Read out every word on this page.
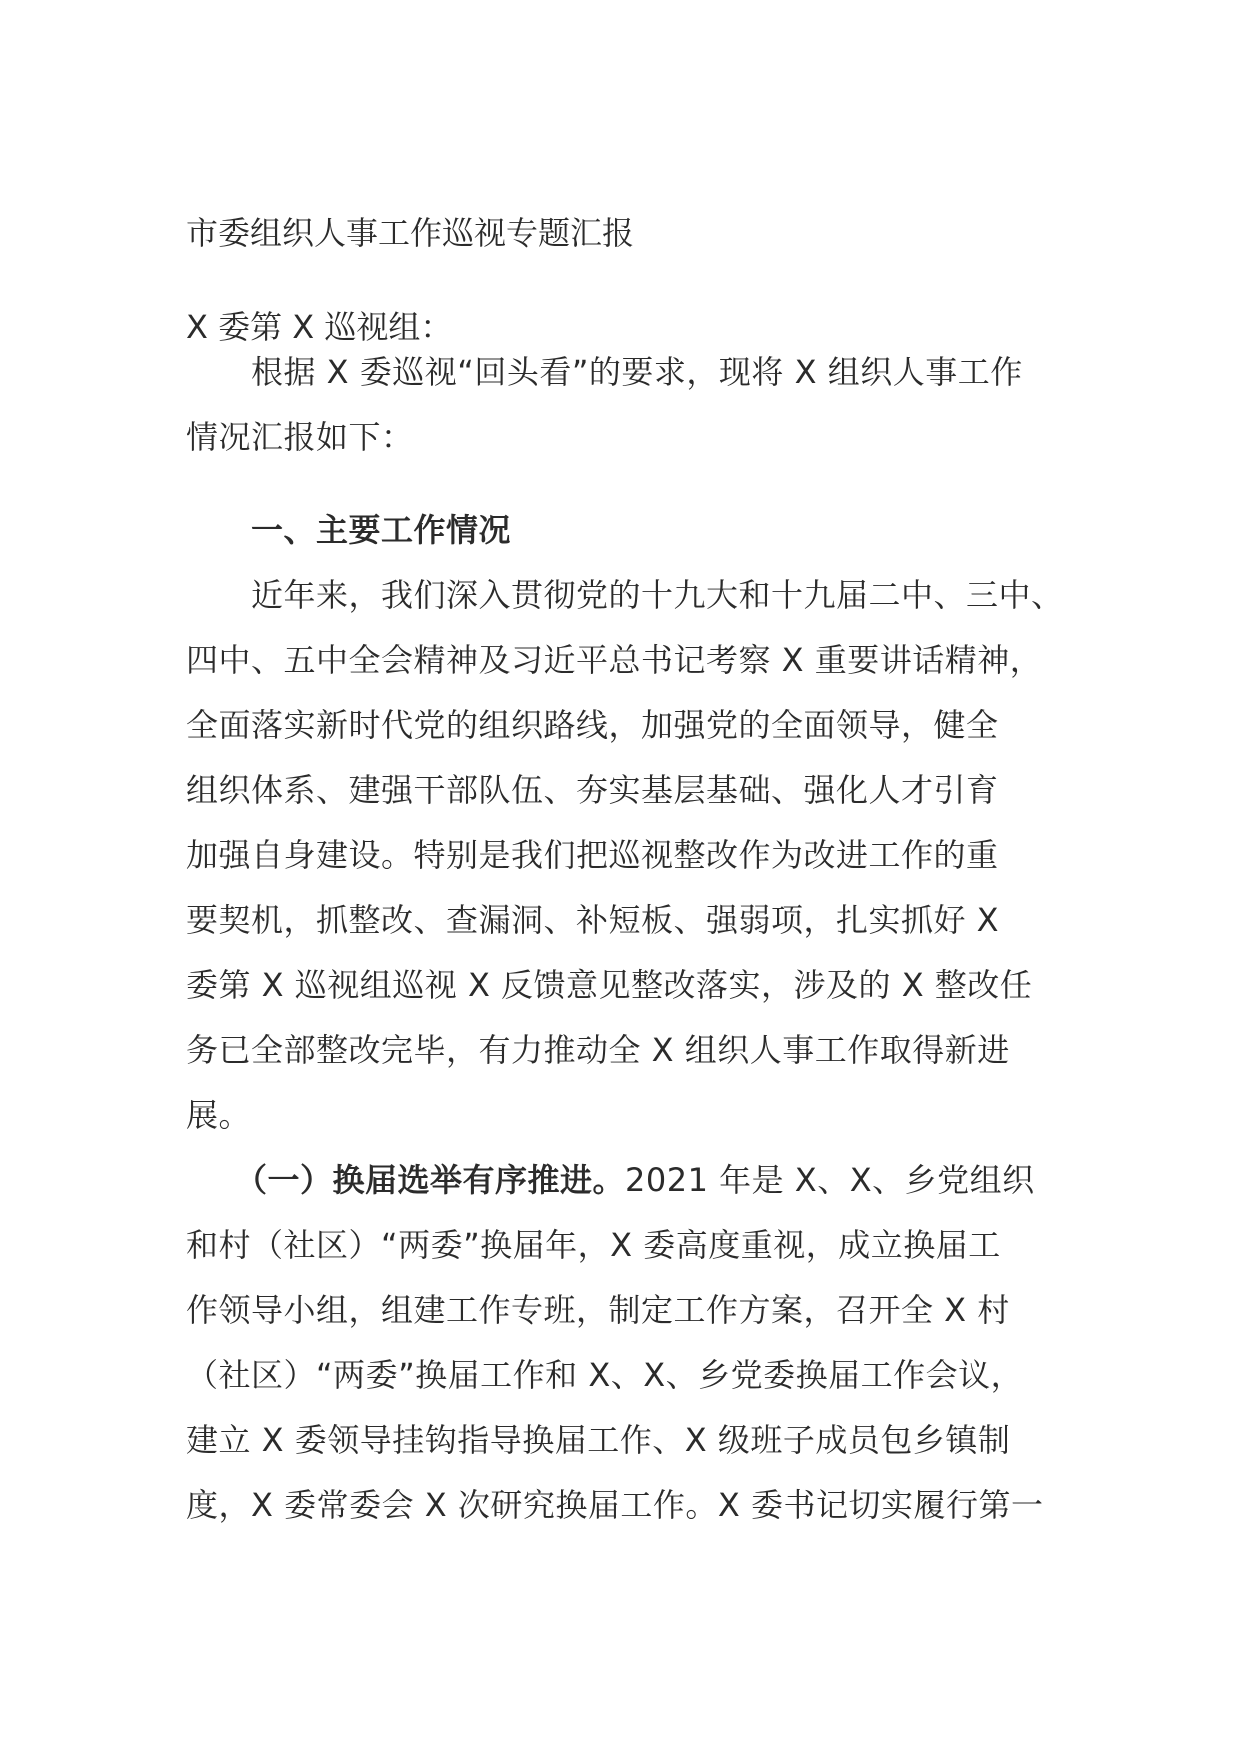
市委组织人事工作巡视专题汇报
X 委第 X 巡视组：
　　根据 X 委巡视“回头看”的要求，现将 X 组织人事工作
情况汇报如下：
　　一、主要工作情况
　　近年来，我们深入贯彻党的十九大和十九届二中、三中、
四中、五中全会精神及习近平总书记考察 X 重要讲话精神，
全面落实新时代党的组织路线，加强党的全面领导，健全
组织体系、建强干部队伍、夯实基层基础、强化人才引育
加强自身建设。特别是我们把巡视整改作为改进工作的重
要契机，抓整改、查漏洞、补短板、强弱项，扎实抓好 X
委第 X 巡视组巡视 X 反馈意见整改落实，涉及的 X 整改任
务已全部整改完毕，有力推动全 X 组织人事工作取得新进
展。
　　（一）换届选举有序推进。2021 年是 X、X、乡党组织
和村（社区）“两委”换届年，X 委高度重视，成立换届工
作领导小组，组建工作专班，制定工作方案，召开全 X 村
（社区）“两委”换届工作和 X、X、乡党委换届工作会议，
建立 X 委领导挂钩指导换届工作、X 级班子成员包乡镇制
度，X 委常委会 X 次研究换届工作。X 委书记切实履行第一
